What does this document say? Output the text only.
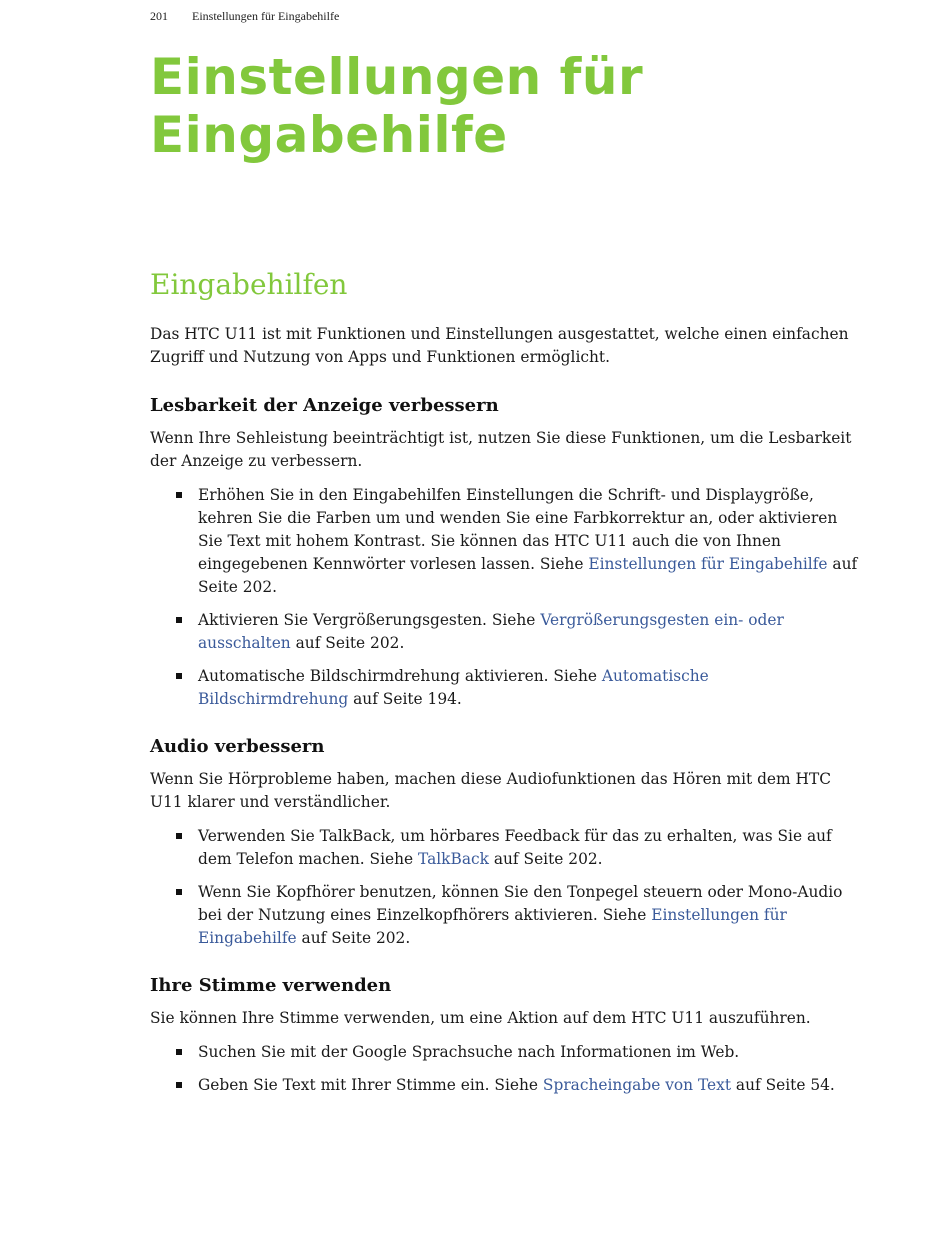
201 Einstellungen für Eingabehilfe
Einstellungen für
Eingabehilfe
Eingabehilfen

Das HTC U11 ist mit Funktionen und Einstellungen ausgestattet, welche einen einfachen Zugriff und Nutzung von Apps und Funktionen ermöglicht.

Lesbarkeit der Anzeige verbessern

Wenn Ihre Sehleistung beeinträchtigt ist, nutzen Sie diese Funktionen, um die Lesbarkeit der Anzeige zu verbessern.

Erhöhen Sie in den Eingabehilfen Einstellungen die Schrift- und Displaygröße, kehren Sie die Farben um und wenden Sie eine Farbkorrektur an, oder aktivieren Sie Text mit hohem Kontrast. Sie können das HTC U11 auch die von Ihnen eingegebenen Kennwörter vorlesen lassen. Siehe Einstellungen für Eingabehilfe auf Seite 202.
Aktivieren Sie Vergrößerungsgesten. Siehe Vergrößerungsgesten ein- oder ausschalten auf Seite 202.
Automatische Bildschirmdrehung aktivieren. Siehe Automatische Bildschirmdrehung auf Seite 194.
Audio verbessern

Wenn Sie Hörprobleme haben, machen diese Audiofunktionen das Hören mit dem HTC U11 klarer und verständlicher.

Verwenden Sie TalkBack, um hörbares Feedback für das zu erhalten, was Sie auf dem Telefon machen. Siehe TalkBack auf Seite 202.
Wenn Sie Kopfhörer benutzen, können Sie den Tonpegel steuern oder Mono-Audio bei der Nutzung eines Einzelkopfhörers aktivieren. Siehe Einstellungen für Eingabehilfe auf Seite 202.
Ihre Stimme verwenden

Sie können Ihre Stimme verwenden, um eine Aktion auf dem HTC U11 auszuführen.

Suchen Sie mit der Google Sprachsuche nach Informationen im Web.
Geben Sie Text mit Ihrer Stimme ein. Siehe Spracheingabe von Text auf Seite 54.
